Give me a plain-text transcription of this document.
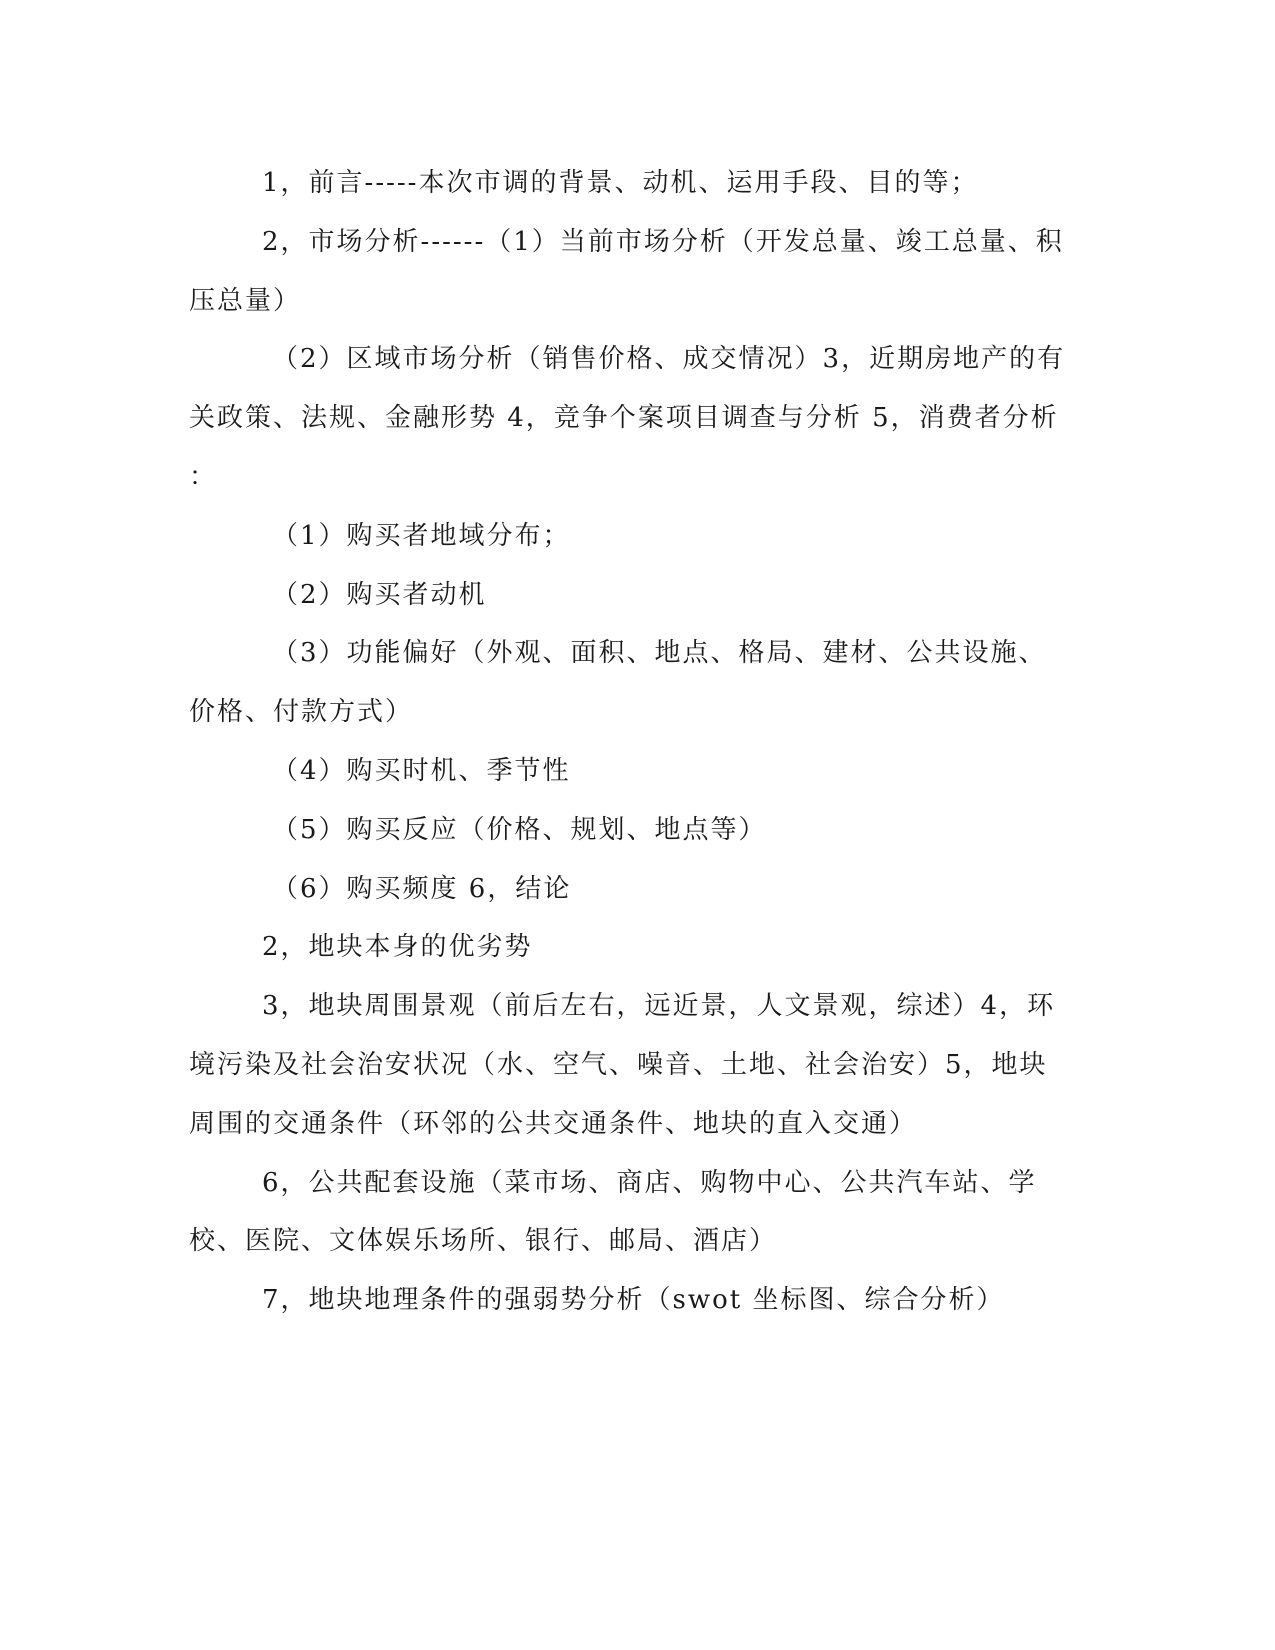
1，前言-----本次市调的背景、动机、运用手段、目的等；
2，市场分析------（1）当前市场分析（开发总量、竣工总量、积
压总量）
（2）区域市场分析（销售价格、成交情况）3，近期房地产的有
关政策、法规、金融形势 4，竞争个案项目调查与分析 5，消费者分析
：
（1）购买者地域分布；
（2）购买者动机
（3）功能偏好（外观、面积、地点、格局、建材、公共设施、
价格、付款方式）
（4）购买时机、季节性
（5）购买反应（价格、规划、地点等）
（6）购买频度 6，结论
2，地块本身的优劣势
3，地块周围景观（前后左右，远近景，人文景观，综述）4，环
境污染及社会治安状况（水、空气、噪音、土地、社会治安）5，地块
周围的交通条件（环邻的公共交通条件、地块的直入交通）
6，公共配套设施（菜市场、商店、购物中心、公共汽车站、学
校、医院、文体娱乐场所、银行、邮局、酒店）
7，地块地理条件的强弱势分析（swot 坐标图、综合分析）
